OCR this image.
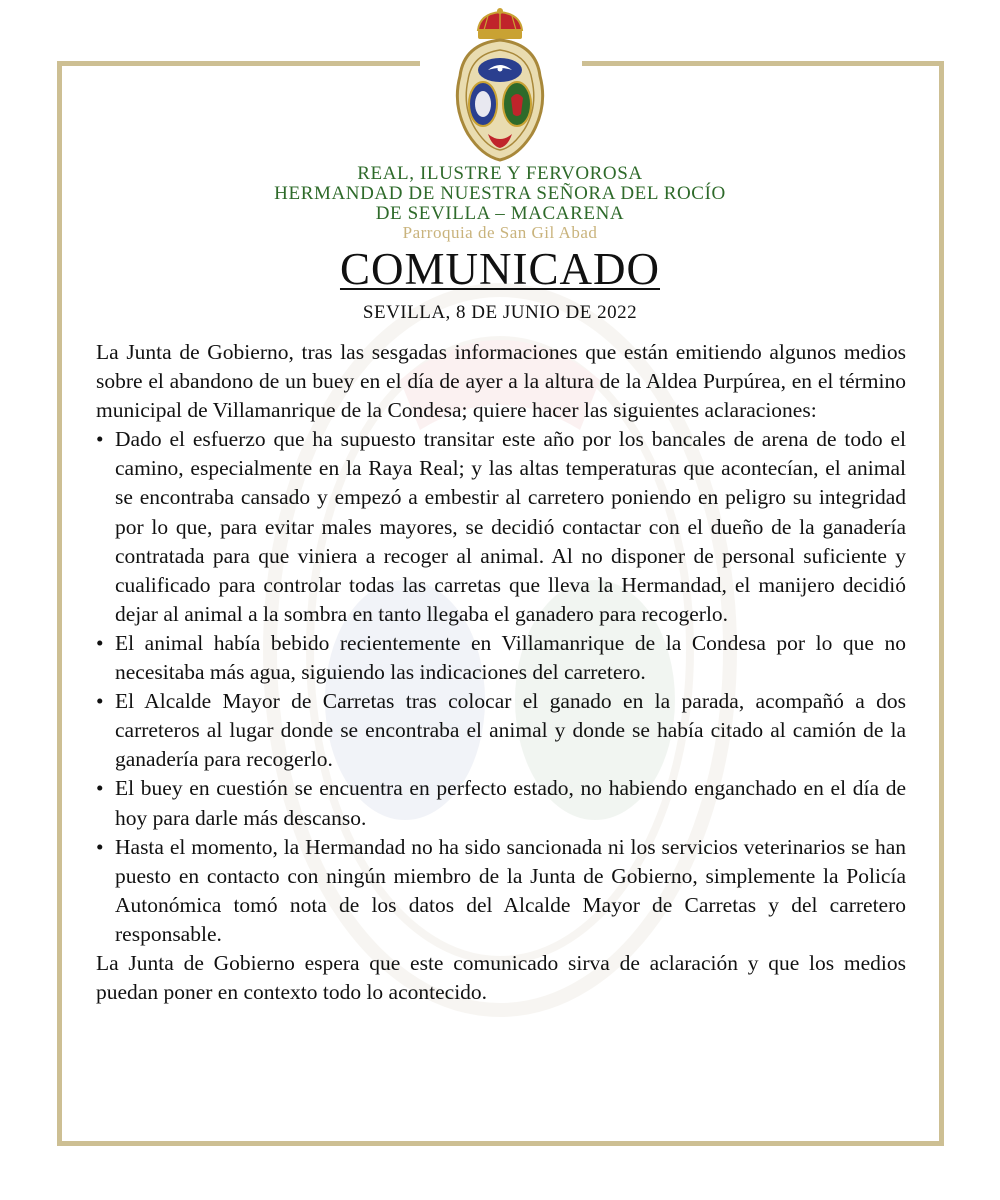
REAL, ILUSTRE Y FERVOROSA
HERMANDAD DE NUESTRA SEÑORA DEL ROCÍO
DE SEVILLA – MACARENA
Parroquia de San Gil Abad
COMUNICADO
SEVILLA, 8 DE JUNIO DE 2022

La Junta de Gobierno, tras las sesgadas informaciones que están emitiendo algunos medios sobre el abandono de un buey en el día de ayer a la altura de la Aldea Purpúrea, en el término municipal de Villamanrique de la Condesa; quiere hacer las siguientes aclaraciones:

• Dado el esfuerzo que ha supuesto transitar este año por los bancales de arena de todo el camino, especialmente en la Raya Real; y las altas temperaturas que acontecían, el animal se encontraba cansado y empezó a embestir al carretero poniendo en peligro su integridad por lo que, para evitar males mayores, se decidió contactar con el dueño de la ganadería contratada para que viniera a recoger al animal. Al no disponer de personal suficiente y cualificado para controlar todas las carretas que lleva la Hermandad, el manijero decidió dejar al animal a la sombra en tanto llegaba el ganadero para recogerlo.
• El animal había bebido recientemente en Villamanrique de la Condesa por lo que no necesitaba más agua, siguiendo las indicaciones del carretero.
• El Alcalde Mayor de Carretas tras colocar el ganado en la parada, acompañó a dos carreteros al lugar donde se encontraba el animal y donde se había citado al camión de la ganadería para recogerlo.
• El buey en cuestión se encuentra en perfecto estado, no habiendo enganchado en el día de hoy para darle más descanso.
• Hasta el momento, la Hermandad no ha sido sancionada ni los servicios veterinarios se han puesto en contacto con ningún miembro de la Junta de Gobierno, simplemente la Policía Autonómica tomó nota de los datos del Alcalde Mayor de Carretas y del carretero responsable.

La Junta de Gobierno espera que este comunicado sirva de aclaración y que los medios puedan poner en contexto todo lo acontecido.
